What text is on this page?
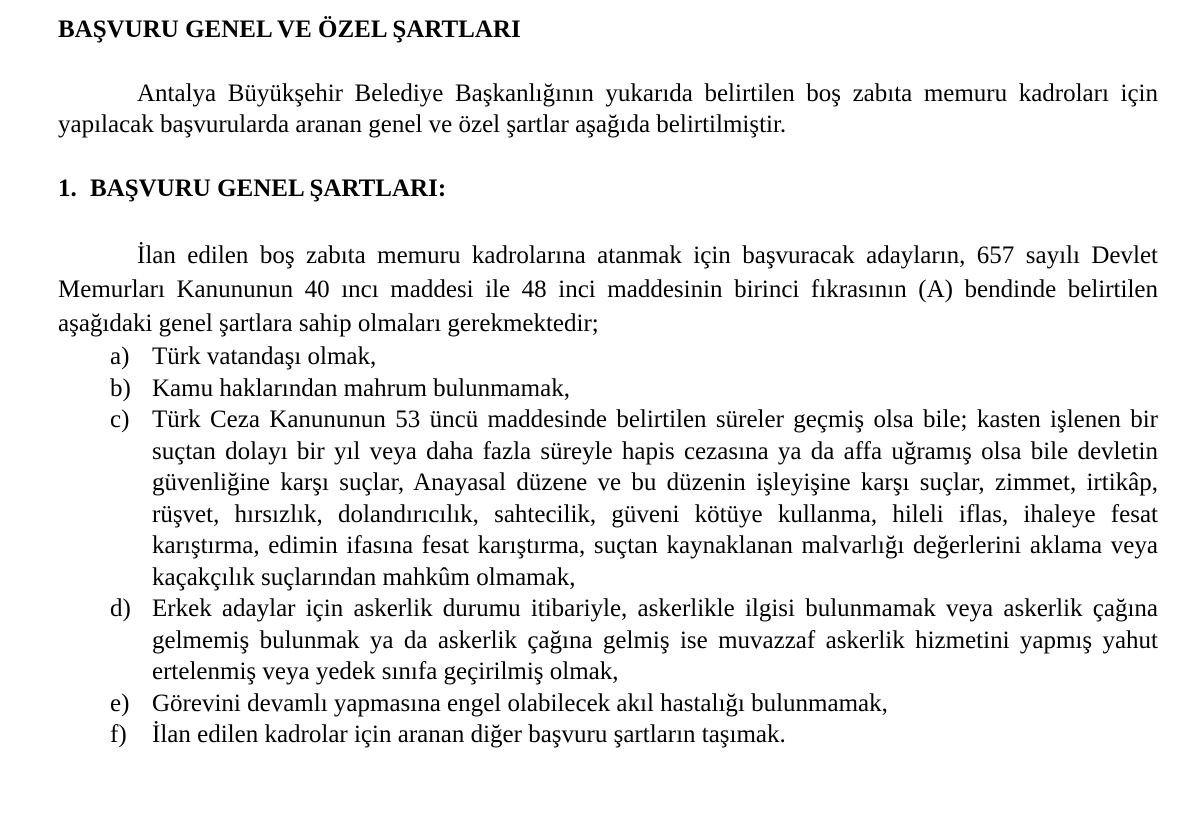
BAŞVURU GENEL VE ÖZEL ŞARTLARI

Antalya Büyükşehir Belediye Başkanlığının yukarıda belirtilen boş zabıta memuru kadroları için yapılacak başvurularda aranan genel ve özel şartlar aşağıda belirtilmiştir.

1. BAŞVURU GENEL ŞARTLARI:

İlan edilen boş zabıta memuru kadrolarına atanmak için başvuracak adayların, 657 sayılı Devlet Memurları Kanununun 40 ıncı maddesi ile 48 inci maddesinin birinci fıkrasının (A) bendinde belirtilen aşağıdaki genel şartlara sahip olmaları gerekmektedir;

a) Türk vatandaşı olmak,
b) Kamu haklarından mahrum bulunmamak,
c) Türk Ceza Kanununun 53 üncü maddesinde belirtilen süreler geçmiş olsa bile; kasten işlenen bir suçtan dolayı bir yıl veya daha fazla süreyle hapis cezasına ya da affa uğramış olsa bile devletin güvenliğine karşı suçlar, Anayasal düzene ve bu düzenin işleyişine karşı suçlar, zimmet, irtikâp, rüşvet, hırsızlık, dolandırıcılık, sahtecilik, güveni kötüye kullanma, hileli iflas, ihaleye fesat karıştırma, edimin ifasına fesat karıştırma, suçtan kaynaklanan malvarlığı değerlerini aklama veya kaçakçılık suçlarından mahkûm olmamak,
d) Erkek adaylar için askerlik durumu itibariyle, askerlikle ilgisi bulunmamak veya askerlik çağına gelmemiş bulunmak ya da askerlik çağına gelmiş ise muvazzaf askerlik hizmetini yapmış yahut ertelenmiş veya yedek sınıfa geçirilmiş olmak,
e) Görevini devamlı yapmasına engel olabilecek akıl hastalığı bulunmamak,
f)	İlan edilen kadrolar için aranan diğer başvuru şartların taşımak.
